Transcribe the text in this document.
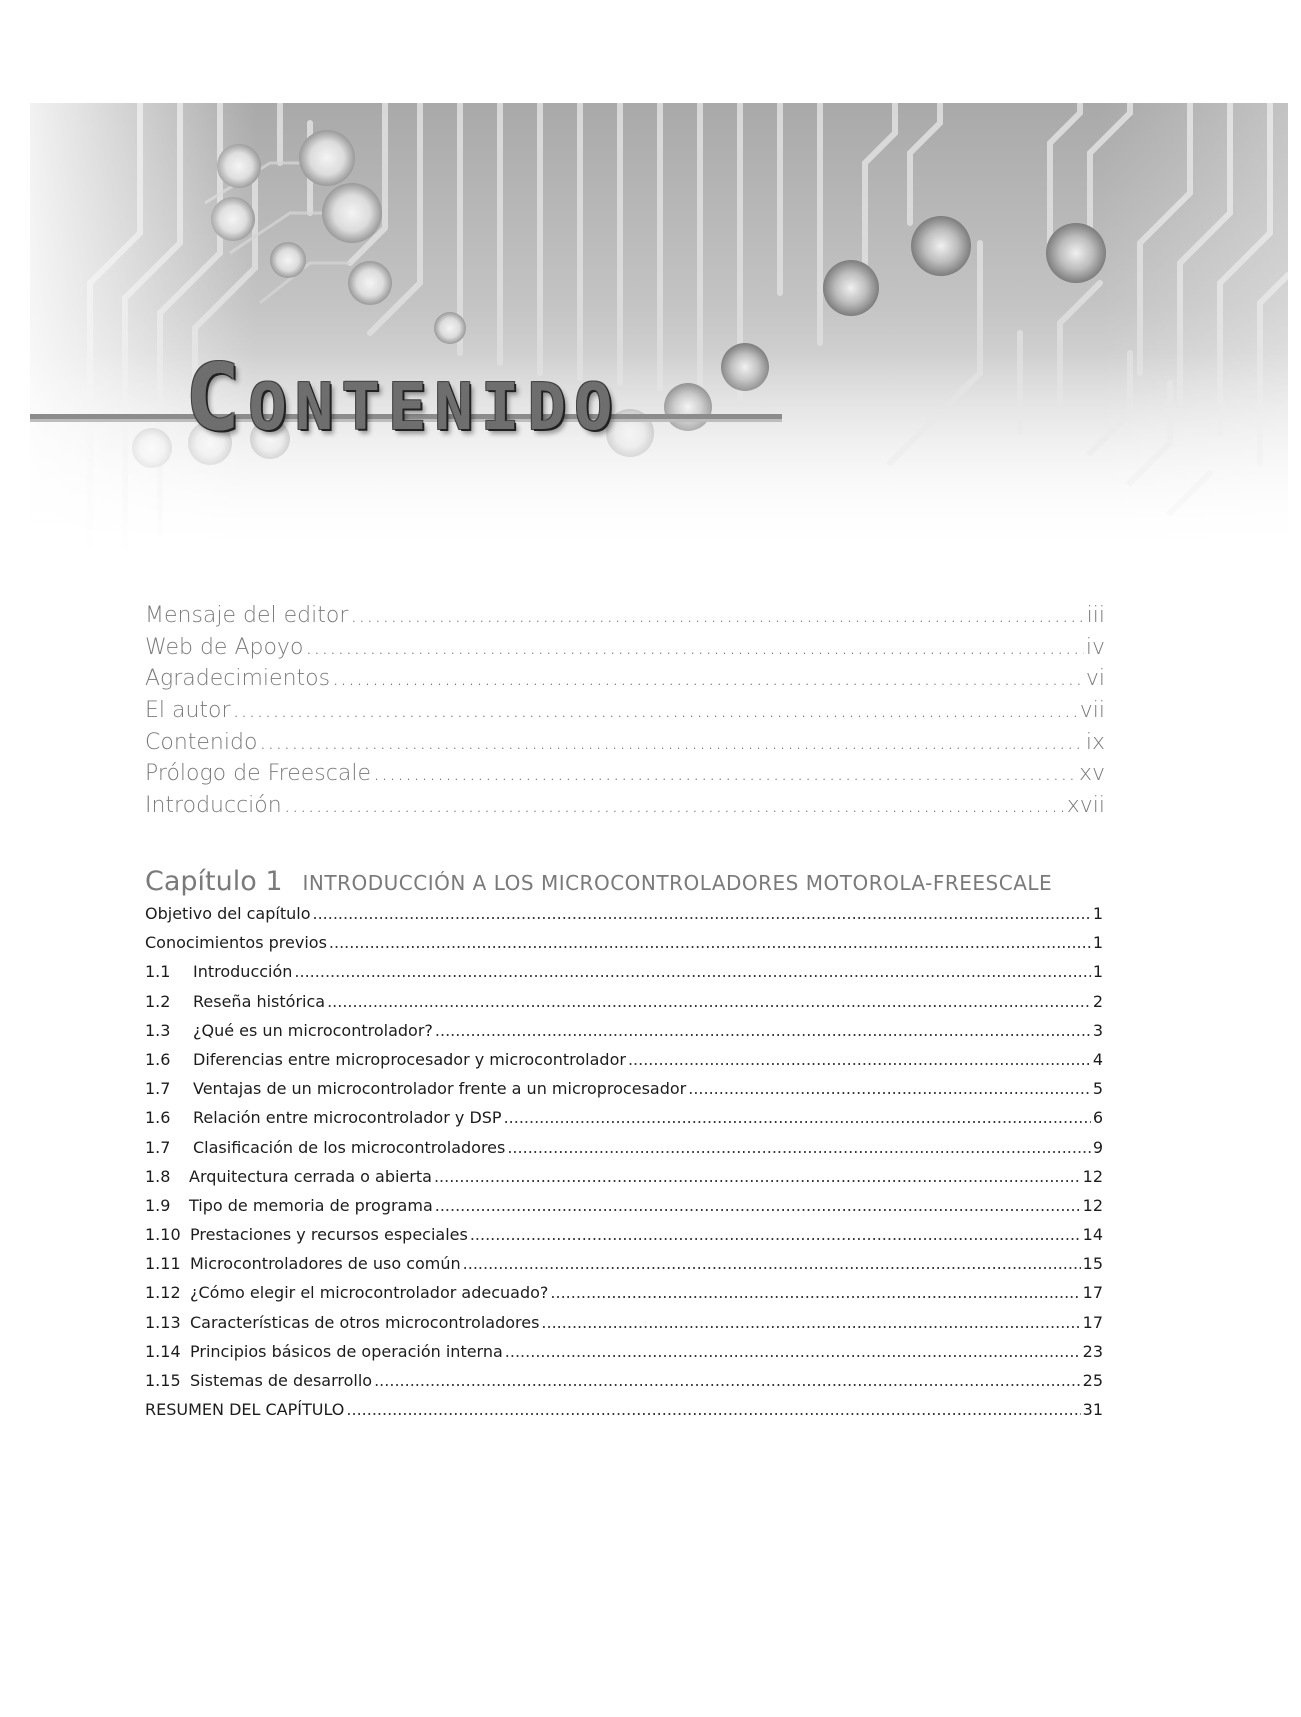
CONTENIDO
Mensaje del editor .....	iii
Web de Apoyo .....	iv
Agradecimientos .....	vi
El autor .....	vii
Contenido .....	ix
Prólogo de Freescale .....	xv
Introducción .....	xvii
Capítulo 1 INTRODUCCIÓN A LOS MICROCONTROLADORES MOTOROLA-FREESCALE
Objetivo del capítulo .....	1
Conocimientos previos .....	1
1.1	Introducción .....	1
1.2	Reseña histórica .....	2
1.3	¿Qué es un microcontrolador? .....	3
1.6	Diferencias entre microprocesador y microcontrolador .....	4
1.7	Ventajas de un microcontrolador frente a un microprocesador .....	5
1.6	Relación entre microcontrolador y DSP .....	6
1.7	Clasificación de los microcontroladores .....	9
1.8	Arquitectura cerrada o abierta .....	12
1.9	Tipo de memoria de programa .....	12
1.10 Prestaciones y recursos especiales .....	14
1.11 Microcontroladores de uso común .....	15
1.12 ¿Cómo elegir el microcontrolador adecuado? .....	17
1.13 Características de otros microcontroladores .....	17
1.14 Principios básicos de operación interna .....	23
1.15 Sistemas de desarrollo .....	25
RESUMEN DEL CAPÍTULO .....	31
